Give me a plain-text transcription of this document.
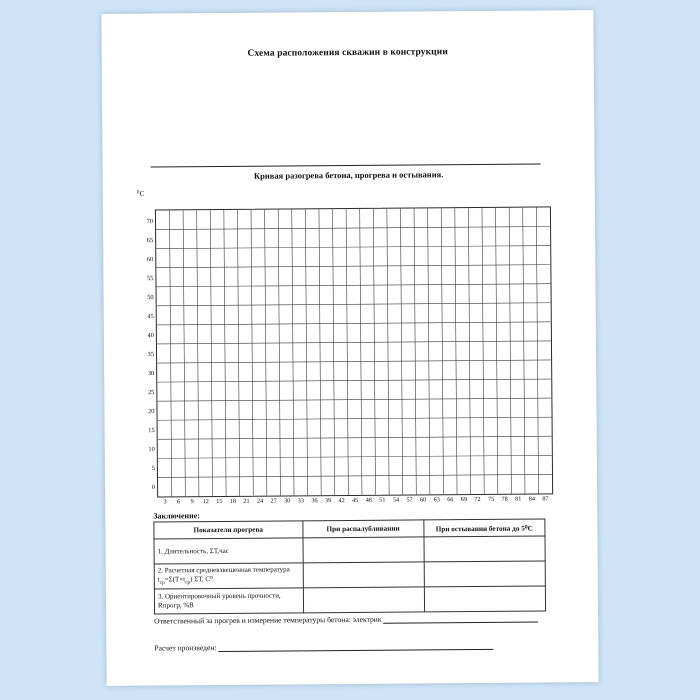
Схема расположения скважин в конструкции
Кривая разогрева бетона, прогрева и остывания.
⁰С
0
5
10
15
20
25
30
35
40
45
50
55
60
65
70
3 6 9 12 15 18 21 24 27 30 33 36 39 42 45 48 51 54 57 60 63 66 69 72 75 78 81 84 87
Заключение:
Показатели прогрева	При распалубливании	При остывании бетона до 5⁰С
1. Длительность, ΣТ,час		
2. Расчетная средневзвешенная температура $t_{ср}=\Sigma(Т\times t_{ср})$ ΣТ, С⁰		
3. Ориентировочный уровень прочности, Rпрогр, %В		
Ответственный за прогрев и измерение температуры бетона: электрик
Расчет произведен:
